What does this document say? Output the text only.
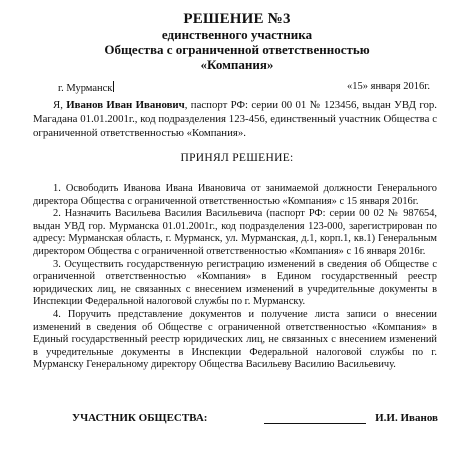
РЕШЕНИЕ №3
единственного участника
Общества с ограниченной ответственностью
«Компания»
г. Мурманск	«15» января 2016г.

Я, Иванов Иван Иванович, паспорт РФ: серии 00 01 № 123456, выдан УВД гор. Магадана 01.01.2001г., код подразделения 123-456, единственный участник Общества с ограниченной ответственностью «Компания».

ПРИНЯЛ РЕШЕНИЕ:

1. Освободить Иванова Ивана Ивановича от занимаемой должности Генерального директора Общества с ограниченной ответственностью «Компания» с 15 января 2016г.

2. Назначить Васильева Василия Васильевича (паспорт РФ: серии 00 02 № 987654, выдан УВД гор. Мурманска 01.01.2001г., код подразделения 123-000, зарегистрирован по адресу: Мурманская область, г. Мурманск, ул. Мурманская, д.1, корп.1, кв.1) Генеральным директором Общества с ограниченной ответственностью «Компания» с 16 января 2016г.

3. Осуществить государственную регистрацию изменений в сведения об Обществе с ограниченной ответственностью «Компания» в Едином государственный реестр юридических лиц, не связанных с внесением изменений в учредительные документы в Инспекции Федеральной налоговой службы по г. Мурманску.

4. Поручить представление документов и получение листа записи о внесении изменений в сведения об Обществе с ограниченной ответственностью «Компания» в Единый государственный реестр юридических лиц, не связанных с внесением изменений в учредительные документы в Инспекции Федеральной налоговой службы по г. Мурманску Генеральному директору Общества Васильеву Василию Васильевичу.

УЧАСТНИК ОБЩЕСТВА:	И.И. Иванов
